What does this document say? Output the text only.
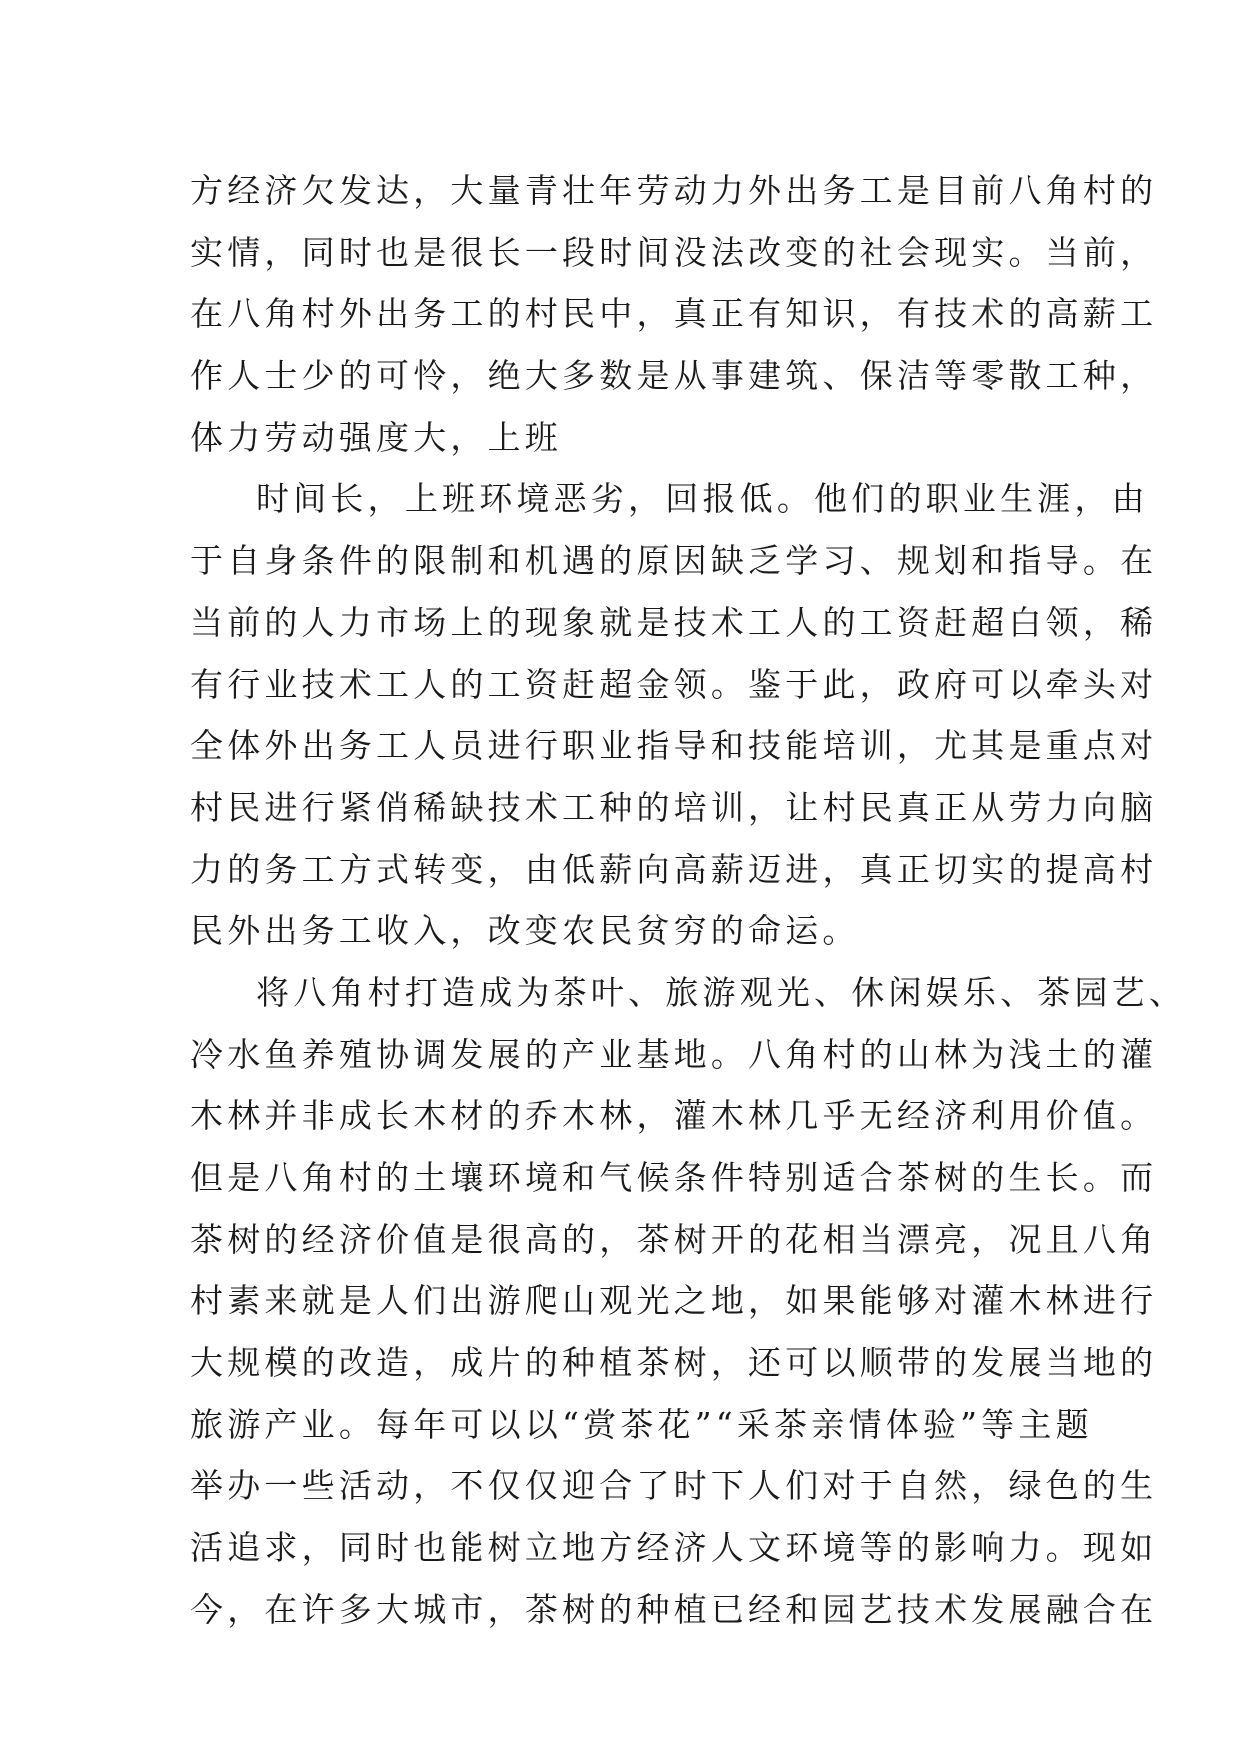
方 经 济 欠 发 达 ， 大 量 青 壮 年 劳 动 力 外 出 务 工 是 目 前 八 角 村 的
实 情 ， 同 时 也 是 很 长 一 段 时 间 没 法 改 变 的 社 会 现 实 。 当 前 ，
在 八 角 村 外 出 务 工 的 村 民 中 ， 真 正 有 知 识 ， 有 技 术 的 高 薪 工
作 人 士 少 的 可 怜 ， 绝 大 多 数 是 从 事 建 筑 、 保 洁 等 零 散 工 种 ，
体力劳动强度大，上班
时 间 长 ， 上 班 环 境 恶 劣 ， 回 报 低 。 他 们 的 职 业 生 涯 ， 由
于 自 身 条 件 的 限 制 和 机 遇 的 原 因 缺 乏 学 习 、 规 划 和 指 导 。 在
当 前 的 人 力 市 场 上 的 现 象 就 是 技 术 工 人 的 工 资 赶 超 白 领 ， 稀
有 行 业 技 术 工 人 的 工 资 赶 超 金 领 。 鉴 于 此 ， 政 府 可 以 牵 头 对
全 体 外 出 务 工 人 员 进 行 职 业 指 导 和 技 能 培 训 ， 尤 其 是 重 点 对
村 民 进 行 紧 俏 稀 缺 技 术 工 种 的 培 训 ， 让 村 民 真 正 从 劳 力 向 脑
力 的 务 工 方 式 转 变 ， 由 低 薪 向 高 薪 迈 进 ， 真 正 切 实 的 提 高 村
民外出务工收入，改变农民贫穷的命运。
将 八 角 村 打 造 成 为 茶 叶 、 旅 游 观 光 、 休 闲 娱 乐 、 茶 园 艺 、
冷 水 鱼 养 殖 协 调 发 展 的 产 业 基 地 。 八 角 村 的 山 林 为 浅 土 的 灌
木 林 并 非 成 长 木 材 的 乔 木 林 ， 灌 木 林 几 乎 无 经 济 利 用 价 值 。
但 是 八 角 村 的 土 壤 环 境 和 气 候 条 件 特 别 适 合 茶 树 的 生 长 。 而
茶 树 的 经 济 价 值 是 很 高 的 ， 茶 树 开 的 花 相 当 漂 亮 ， 况 且 八 角
村 素 来 就 是 人 们 出 游 爬 山 观 光 之 地 ， 如 果 能 够 对 灌 木 林 进 行
大 规 模 的 改 造 ， 成 片 的 种 植 茶 树 ， 还 可 以 顺 带 的 发 展 当 地 的
旅 游 产 业 。 每 年 可 以 以 “ 赏 茶 花 ” “ 采 茶 亲 情 体 验 ” 等 主 题
举 办 一 些 活 动 ， 不 仅 仅 迎 合 了 时 下 人 们 对 于 自 然 ， 绿 色 的 生
活 追 求 ， 同 时 也 能 树 立 地 方 经 济 人 文 环 境 等 的 影 响 力 。 现 如
今 ， 在 许 多 大 城 市 ， 茶 树 的 种 植 已 经 和 园 艺 技 术 发 展 融 合 在
